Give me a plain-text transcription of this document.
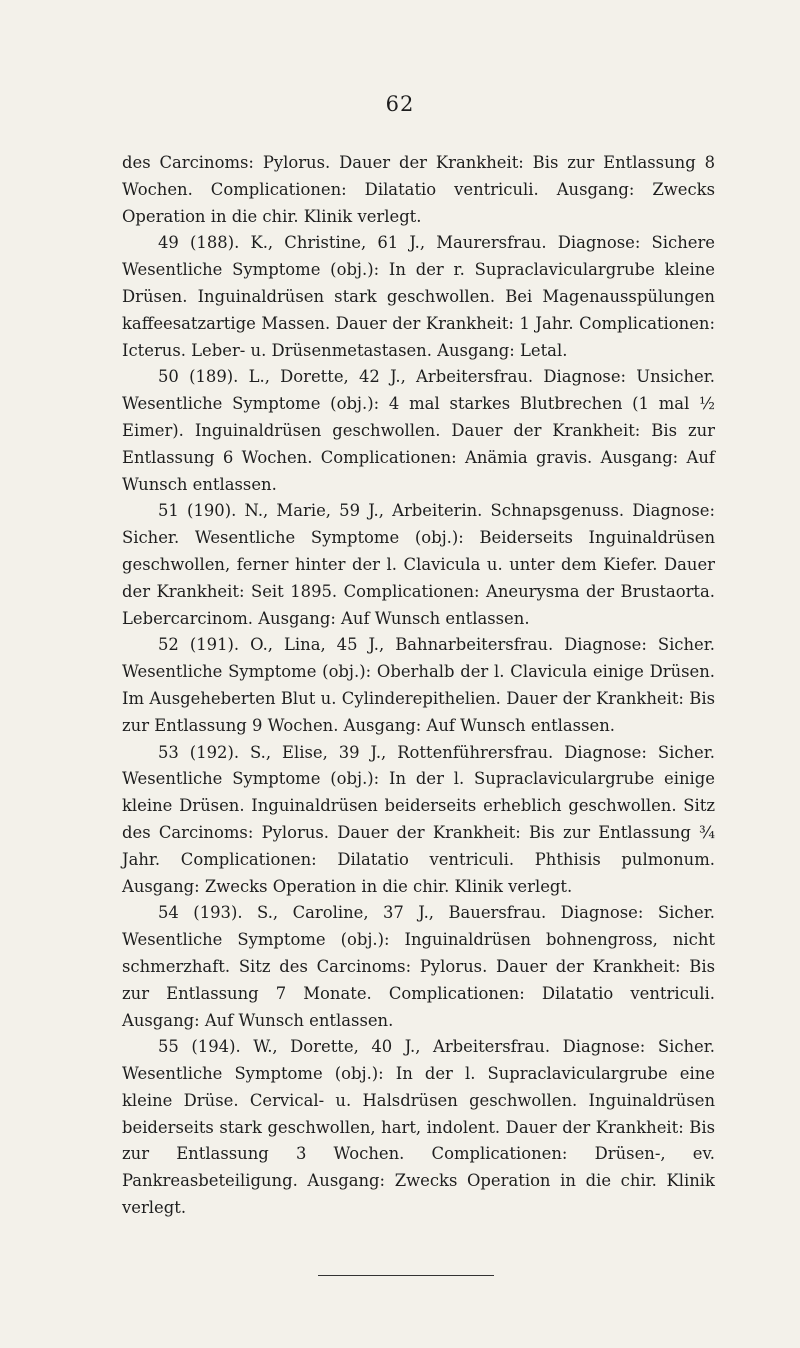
62

des Carcinoms: Pylorus. Dauer der Krankheit: Bis zur Entlassung 8 Wochen. Complicationen: Dilatatio ventriculi. Ausgang: Zwecks Operation in die chir. Klinik verlegt.

49 (188). K., Christine, 61 J., Maurersfrau. Diagnose: Sichere Wesentliche Symptome (obj.): In der r. Supraclaviculargrube kleine Drüsen. Inguinaldrüsen stark geschwollen. Bei Magenausspülungen kaffeesatzartige Massen. Dauer der Krankheit: 1 Jahr. Complicationen: Icterus. Leber- u. Drüsenmetastasen. Ausgang: Letal.

50 (189). L., Dorette, 42 J., Arbeitersfrau. Diagnose: Unsicher. Wesentliche Symptome (obj.): 4 mal starkes Blutbrechen (1 mal ½ Eimer). Inguinaldrüsen geschwollen. Dauer der Krankheit: Bis zur Entlassung 6 Wochen. Complicationen: Anämia gravis. Ausgang: Auf Wunsch entlassen.

51 (190). N., Marie, 59 J., Arbeiterin. Schnapsgenuss. Diagnose: Sicher. Wesentliche Symptome (obj.): Beiderseits Inguinaldrüsen geschwollen, ferner hinter der l. Clavicula u. unter dem Kiefer. Dauer der Krankheit: Seit 1895. Complicationen: Aneurysma der Brustaorta. Lebercarcinom. Ausgang: Auf Wunsch entlassen.

52 (191). O., Lina, 45 J., Bahnarbeitersfrau. Diagnose: Sicher. Wesentliche Symptome (obj.): Oberhalb der l. Clavicula einige Drüsen. Im Ausgeheberten Blut u. Cylinderepithelien. Dauer der Krankheit: Bis zur Entlassung 9 Wochen. Ausgang: Auf Wunsch entlassen.

53 (192). S., Elise, 39 J., Rottenführersfrau. Diagnose: Sicher. Wesentliche Symptome (obj.): In der l. Supraclaviculargrube einige kleine Drüsen. Inguinaldrüsen beiderseits erheblich geschwollen. Sitz des Carcinoms: Pylorus. Dauer der Krankheit: Bis zur Entlassung ¾ Jahr. Complicationen: Dilatatio ventriculi. Phthisis pulmonum. Ausgang: Zwecks Operation in die chir. Klinik verlegt.

54 (193). S., Caroline, 37 J., Bauersfrau. Diagnose: Sicher. Wesentliche Symptome (obj.): Inguinaldrüsen bohnengross, nicht schmerzhaft. Sitz des Carcinoms: Pylorus. Dauer der Krankheit: Bis zur Entlassung 7 Monate. Complicationen: Dilatatio ventriculi. Ausgang: Auf Wunsch entlassen.

55 (194). W., Dorette, 40 J., Arbeitersfrau. Diagnose: Sicher. Wesentliche Symptome (obj.): In der l. Supraclaviculargrube eine kleine Drüse. Cervical- u. Halsdrüsen geschwollen. Inguinaldrüsen beiderseits stark geschwollen, hart, indolent. Dauer der Krankheit: Bis zur Entlassung 3 Wochen. Complicationen: Drüsen-, ev. Pankreasbeteiligung. Ausgang: Zwecks Operation in die chir. Klinik verlegt.
